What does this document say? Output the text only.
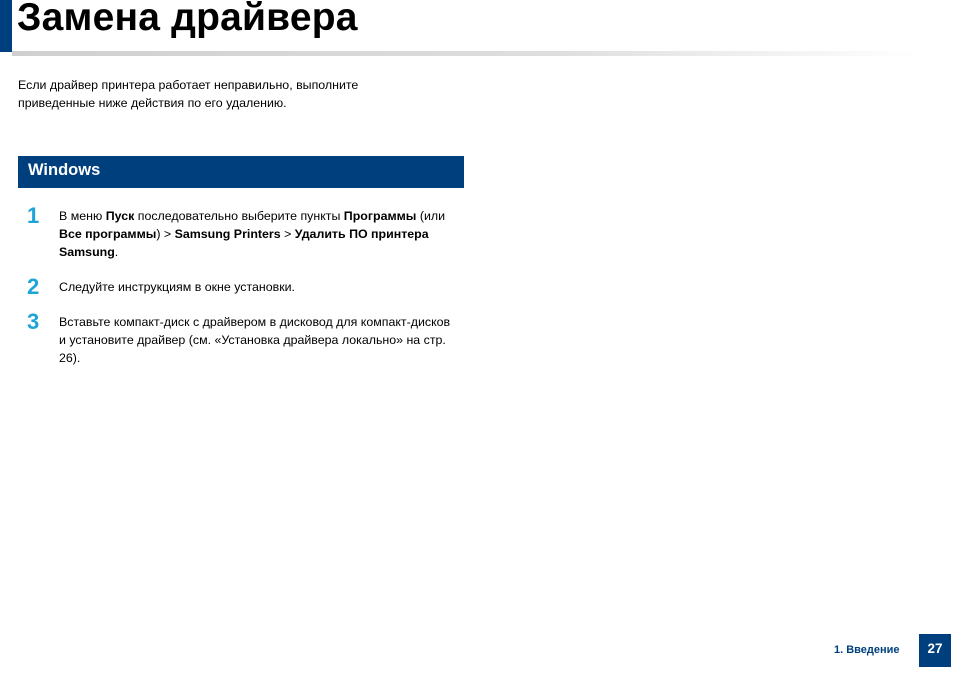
Замена драйвера

Если драйвер принтера работает неправильно, выполните приведенные ниже действия по его удалению.

Windows
1 В меню Пуск последовательно выберите пункты Программы (или Все программы) > Samsung Printers > Удалить ПО принтера Samsung.
2 Следуйте инструкциям в окне установки.
3 Вставьте компакт-диск с драйвером в дисковод для компакт-дисков и установите драйвер (см. «Установка драйвера локально» на стр. 26).
1. Введение	27
